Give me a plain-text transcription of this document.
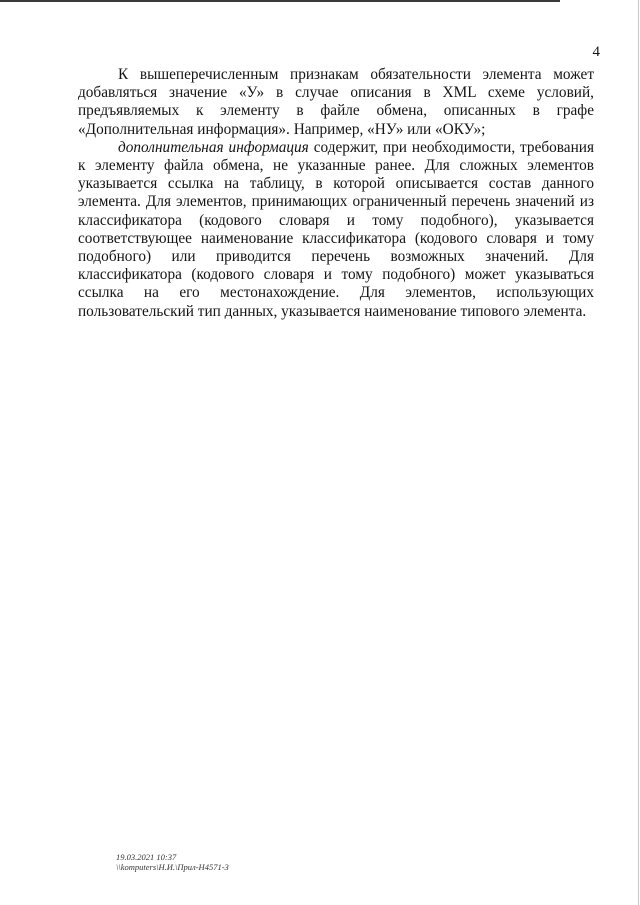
4

К вышеперечисленным признакам обязательности элемента может добавляться значение «У» в случае описания в XML схеме условий, предъявляемых к элементу в файле обмена, описанных в графе «Дополнительная информация». Например, «НУ» или «ОКУ»;

дополнительная информация содержит, при необходимости, требования к элементу файла обмена, не указанные ранее. Для сложных элементов указывается ссылка на таблицу, в которой описывается состав данного элемента. Для элементов, принимающих ограниченный перечень значений из классификатора (кодового словаря и тому подобного), указывается соответствующее наименование классификатора (кодового словаря и тому подобного) или приводится перечень возможных значений. Для классификатора (кодового словаря и тому подобного) может указываться ссылка на его местонахождение. Для элементов, использующих пользовательский тип данных, указывается наименование типового элемента.

19.03.2021 10:37
\\komputers\Н.И.\Прил-Н4571-3
